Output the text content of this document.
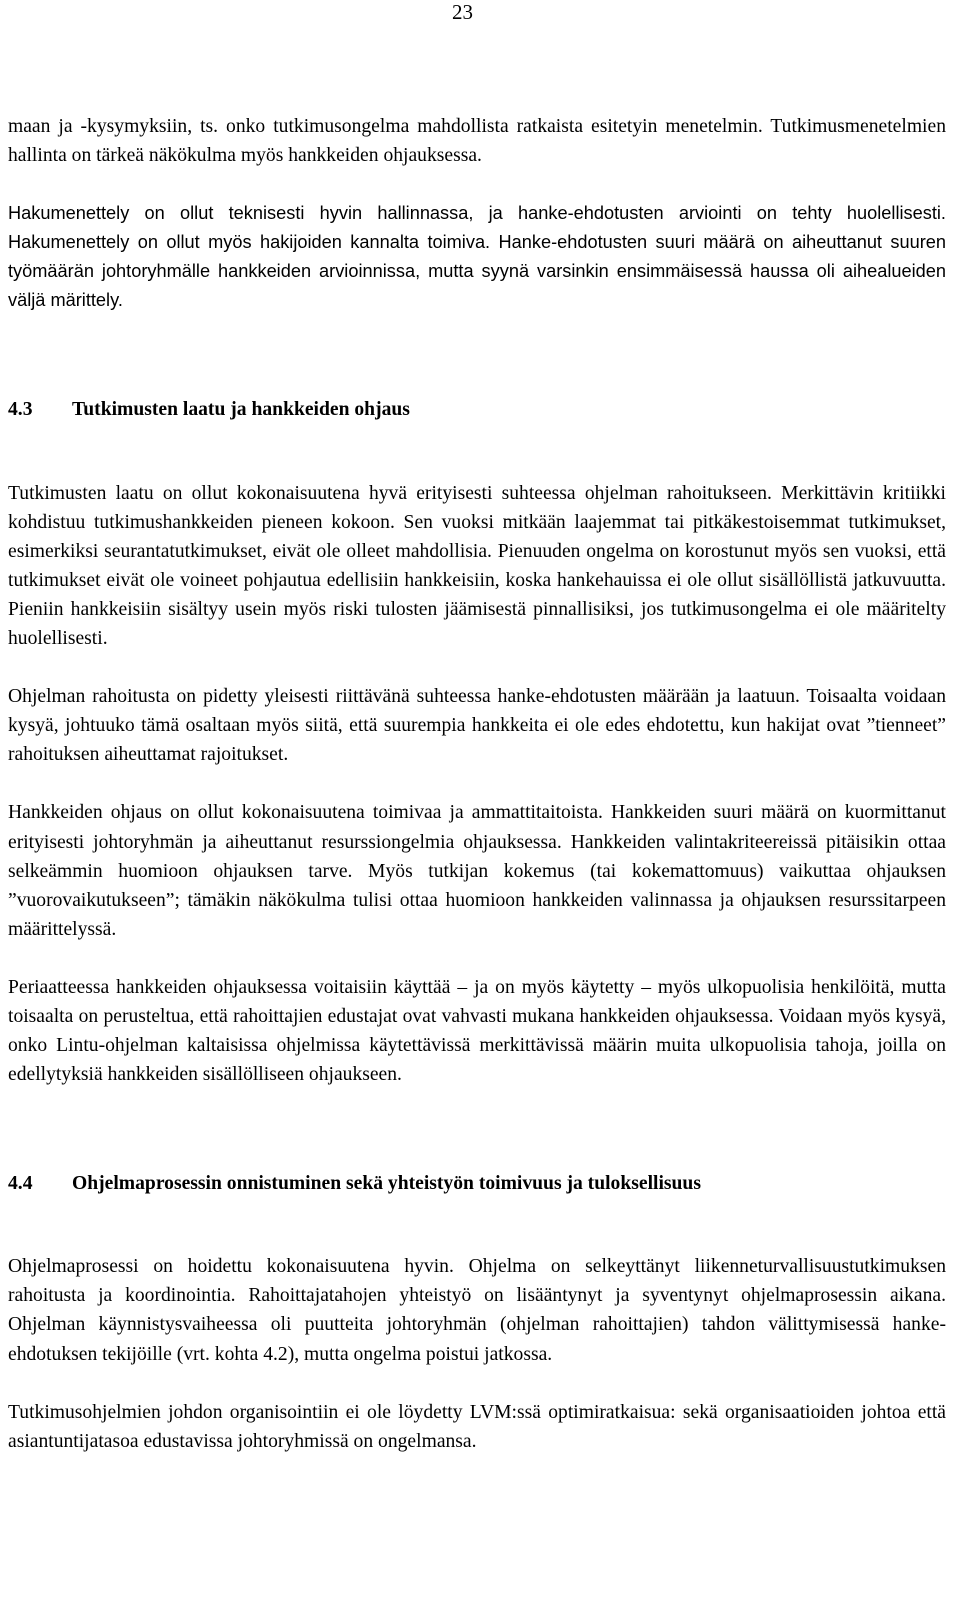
23

maan ja -kysymyksiin, ts. onko tutkimusongelma mahdollista ratkaista esitetyin menetelmin. Tutkimusmenetelmien hallinta on tärkeä näkökulma myös hankkeiden ohjauksessa.

Hakumenettely on ollut teknisesti hyvin hallinnassa, ja hanke-ehdotusten arviointi on tehty huolellisesti. Hakumenettely on ollut myös hakijoiden kannalta toimiva. Hanke-ehdotusten suuri määrä on aiheuttanut suuren työmäärän johtoryhmälle hankkeiden arvioinnissa, mutta syynä varsinkin ensimmäisessä haussa oli aihealueiden väljä märittely.

4.3	Tutkimusten laatu ja hankkeiden ohjaus

Tutkimusten laatu on ollut kokonaisuutena hyvä erityisesti suhteessa ohjelman rahoitukseen. Merkittävin kritiikki kohdistuu tutkimushankkeiden pieneen kokoon. Sen vuoksi mitkään laajemmat tai pitkäkestoisemmat tutkimukset, esimerkiksi seurantatutkimukset, eivät ole olleet mahdollisia. Pienuuden ongelma on korostunut myös sen vuoksi, että tutkimukset eivät ole voineet pohjautua edellisiin hankkeisiin, koska hankehauissa ei ole ollut sisällöllistä jatkuvuutta. Pieniin hankkeisiin sisältyy usein myös riski tulosten jäämisestä pinnallisiksi, jos tutkimusongelma ei ole määritelty huolellisesti.

Ohjelman rahoitusta on pidetty yleisesti riittävänä suhteessa hanke-ehdotusten määrään ja laatuun. Toisaalta voidaan kysyä, johtuuko tämä osaltaan myös siitä, että suurempia hankkeita ei ole edes ehdotettu, kun hakijat ovat ”tienneet” rahoituksen aiheuttamat rajoitukset.

Hankkeiden ohjaus on ollut kokonaisuutena toimivaa ja ammattitaitoista. Hankkeiden suuri määrä on kuormittanut erityisesti johtoryhmän ja aiheuttanut resurssiongelmia ohjauksessa. Hankkeiden valintakriteereissä pitäisikin ottaa selkeämmin huomioon ohjauksen tarve. Myös tutkijan kokemus (tai kokemattomuus) vaikuttaa ohjauksen ”vuorovaikutukseen”; tämäkin näkökulma tulisi ottaa huomioon hankkeiden valinnassa ja ohjauksen resurssitarpeen määrittelyssä.

Periaatteessa hankkeiden ohjauksessa voitaisiin käyttää – ja on myös käytetty – myös ulkopuolisia henkilöitä, mutta toisaalta on perusteltua, että rahoittajien edustajat ovat vahvasti mukana hankkeiden ohjauksessa. Voidaan myös kysyä, onko Lintu-ohjelman kaltaisissa ohjelmissa käytettävissä merkittävissä määrin muita ulkopuolisia tahoja, joilla on edellytyksiä hankkeiden sisällölliseen ohjaukseen.

4.4	Ohjelmaprosessin onnistuminen sekä yhteistyön toimivuus ja tuloksellisuus

Ohjelmaprosessi on hoidettu kokonaisuutena hyvin. Ohjelma on selkeyttänyt liikenneturvallisuustutkimuksen rahoitusta ja koordinointia. Rahoittajatahojen yhteistyö on lisääntynyt ja syventynyt ohjelmaprosessin aikana. Ohjelman käynnistysvaiheessa oli puutteita johtoryhmän (ohjelman rahoittajien) tahdon välittymisessä hanke-ehdotuksen tekijöille (vrt. kohta 4.2), mutta ongelma poistui jatkossa.

Tutkimusohjelmien johdon organisointiin ei ole löydetty LVM:ssä optimiratkaisua: sekä organisaatioiden johtoa että asiantuntijatasoa edustavissa johtoryhmissä on ongelmansa.
